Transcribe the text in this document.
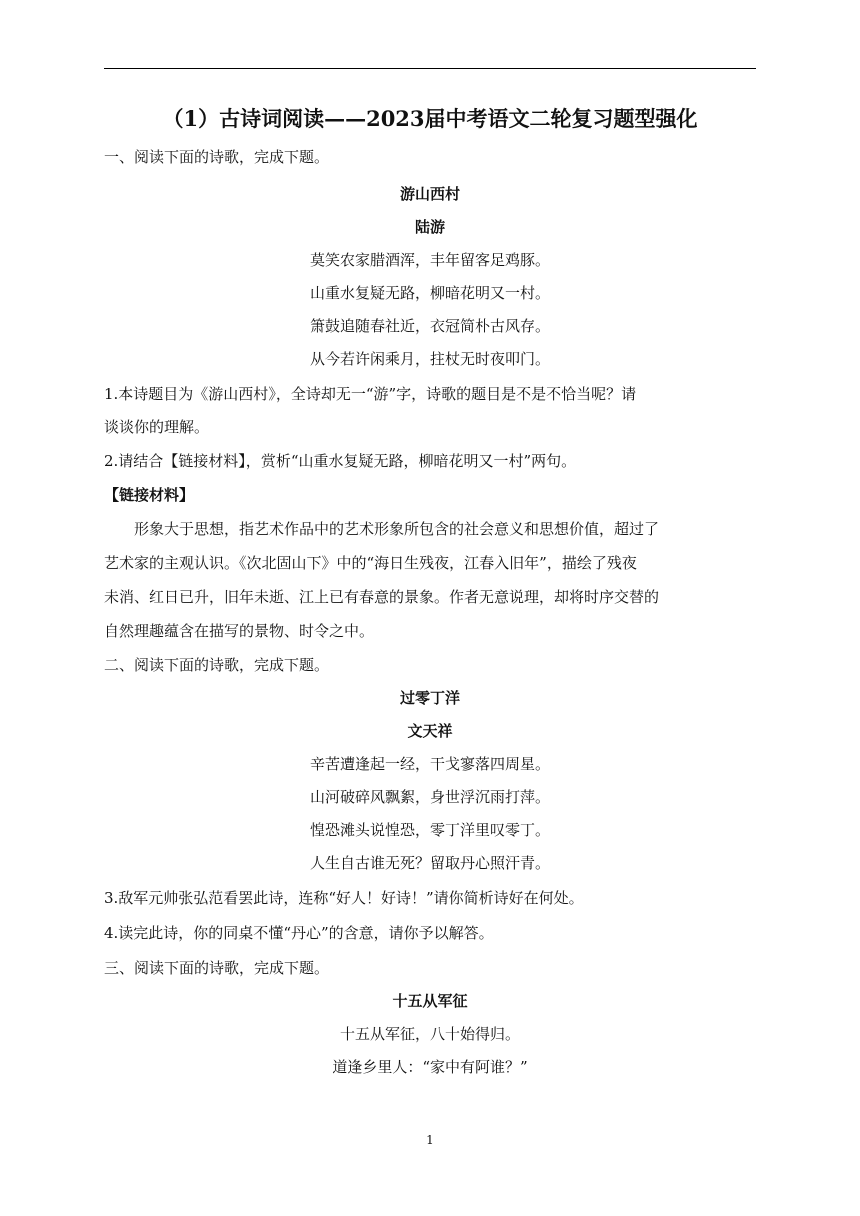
（1）古诗词阅读——2023届中考语文二轮复习题型强化
一、阅读下面的诗歌，完成下题。
游山西村
陆游
莫笑农家腊酒浑，丰年留客足鸡豚。
山重水复疑无路，柳暗花明又一村。
箫鼓追随春社近，衣冠简朴古风存。
从今若许闲乘月，拄杖无时夜叩门。
1.本诗题目为《游山西村》，全诗却无一“游”字，诗歌的题目是不是不恰当呢？请
谈谈你的理解。
2.请结合【链接材料】，赏析“山重水复疑无路，柳暗花明又一村”两句。
【链接材料】
形象大于思想，指艺术作品中的艺术形象所包含的社会意义和思想价值，超过了
艺术家的主观认识。《次北固山下》中的“海日生残夜，江春入旧年”，描绘了残夜
未消、红日已升，旧年未逝、江上已有春意的景象。作者无意说理，却将时序交替的
自然理趣蕴含在描写的景物、时令之中。
二、阅读下面的诗歌，完成下题。
过零丁洋
文天祥
辛苦遭逢起一经，干戈寥落四周星。
山河破碎风飘絮，身世浮沉雨打萍。
惶恐滩头说惶恐，零丁洋里叹零丁。
人生自古谁无死？留取丹心照汗青。
3.敌军元帅张弘范看罢此诗，连称“好人！好诗！”请你简析诗好在何处。
4.读完此诗，你的同桌不懂“丹心”的含意，请你予以解答。
三、阅读下面的诗歌，完成下题。
十五从军征
十五从军征，八十始得归。
道逢乡里人：“家中有阿谁？”
1
